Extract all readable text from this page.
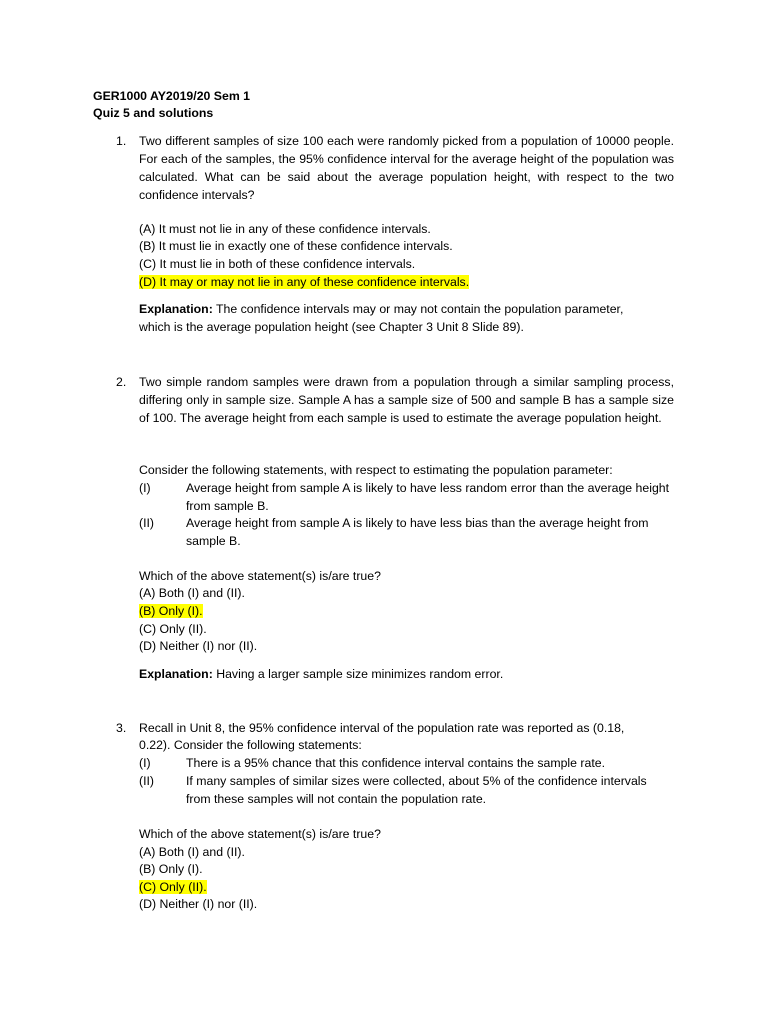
GER1000 AY2019/20 Sem 1
Quiz 5 and solutions
1. Two different samples of size 100 each were randomly picked from a population of 10000 people. For each of the samples, the 95% confidence interval for the average height of the population was calculated. What can be said about the average population height, with respect to the two confidence intervals?
(A) It must not lie in any of these confidence intervals.
(B) It must lie in exactly one of these confidence intervals.
(C) It must lie in both of these confidence intervals.
(D) It may or may not lie in any of these confidence intervals.
Explanation: The confidence intervals may or may not contain the population parameter,
which is the average population height (see Chapter 3 Unit 8 Slide 89).
2. Two simple random samples were drawn from a population through a similar sampling process, differing only in sample size. Sample A has a sample size of 500 and sample B has a sample size of 100. The average height from each sample is used to estimate the average population height.
Consider the following statements, with respect to estimating the population parameter:
(I)	Average height from sample A is likely to have less random error than the average height from sample B.
(II)	Average height from sample A is likely to have less bias than the average height from sample B.
Which of the above statement(s) is/are true?
(A) Both (I) and (II).
(B) Only (I).
(C) Only (II).
(D) Neither (I) nor (II).
Explanation: Having a larger sample size minimizes random error.
3. Recall in Unit 8, the 95% confidence interval of the population rate was reported as (0.18,
0.22). Consider the following statements:
(I)	There is a 95% chance that this confidence interval contains the sample rate.
(II)	If many samples of similar sizes were collected, about 5% of the confidence intervals from these samples will not contain the population rate.
Which of the above statement(s) is/are true?
(A) Both (I) and (II).
(B) Only (I).
(C) Only (II).
(D) Neither (I) nor (II).
